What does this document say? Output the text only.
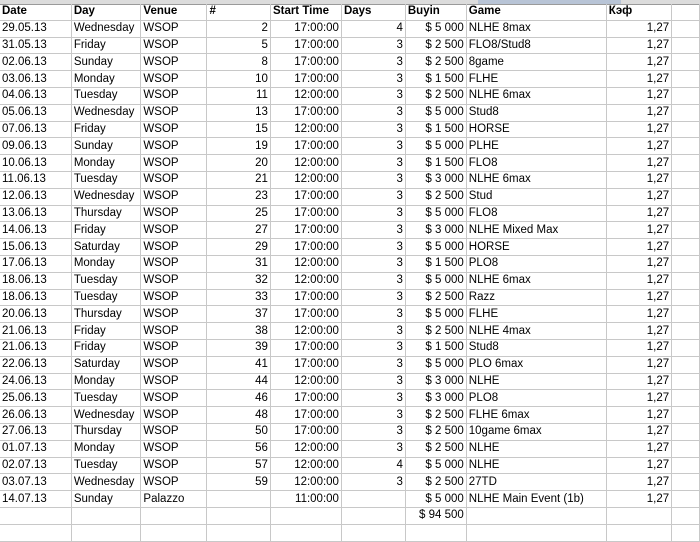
Date	Day	Venue	#	Start Time	Days	Buyin	Game	Кэф	
29.05.13	Wednesday	WSOP	2	17:00:00	4	$ 5 000	NLHE 8max	1,27	
31.05.13	Friday	WSOP	5	17:00:00	3	$ 2 500	FLO8/Stud8	1,27	
02.06.13	Sunday	WSOP	8	17:00:00	3	$ 2 500	8game	1,27	
03.06.13	Monday	WSOP	10	17:00:00	3	$ 1 500	FLHE	1,27	
04.06.13	Tuesday	WSOP	11	12:00:00	3	$ 2 500	NLHE 6max	1,27	
05.06.13	Wednesday	WSOP	13	17:00:00	3	$ 5 000	Stud8	1,27	
07.06.13	Friday	WSOP	15	12:00:00	3	$ 1 500	HORSE	1,27	
09.06.13	Sunday	WSOP	19	17:00:00	3	$ 5 000	PLHE	1,27	
10.06.13	Monday	WSOP	20	12:00:00	3	$ 1 500	FLO8	1,27	
11.06.13	Tuesday	WSOP	21	12:00:00	3	$ 3 000	NLHE 6max	1,27	
12.06.13	Wednesday	WSOP	23	17:00:00	3	$ 2 500	Stud	1,27	
13.06.13	Thursday	WSOP	25	17:00:00	3	$ 5 000	FLO8	1,27	
14.06.13	Friday	WSOP	27	17:00:00	3	$ 3 000	NLHE Mixed Max	1,27	
15.06.13	Saturday	WSOP	29	17:00:00	3	$ 5 000	HORSE	1,27	
17.06.13	Monday	WSOP	31	12:00:00	3	$ 1 500	PLO8	1,27	
18.06.13	Tuesday	WSOP	32	12:00:00	3	$ 5 000	NLHE 6max	1,27	
18.06.13	Tuesday	WSOP	33	17:00:00	3	$ 2 500	Razz	1,27	
20.06.13	Thursday	WSOP	37	17:00:00	3	$ 5 000	FLHE	1,27	
21.06.13	Friday	WSOP	38	12:00:00	3	$ 2 500	NLHE 4max	1,27	
21.06.13	Friday	WSOP	39	17:00:00	3	$ 1 500	Stud8	1,27	
22.06.13	Saturday	WSOP	41	17:00:00	3	$ 5 000	PLO 6max	1,27	
24.06.13	Monday	WSOP	44	12:00:00	3	$ 3 000	NLHE	1,27	
25.06.13	Tuesday	WSOP	46	17:00:00	3	$ 3 000	PLO8	1,27	
26.06.13	Wednesday	WSOP	48	17:00:00	3	$ 2 500	FLHE 6max	1,27	
27.06.13	Thursday	WSOP	50	17:00:00	3	$ 2 500	10game 6max	1,27	
01.07.13	Monday	WSOP	56	12:00:00	3	$ 2 500	NLHE	1,27	
02.07.13	Tuesday	WSOP	57	12:00:00	4	$ 5 000	NLHE	1,27	
03.07.13	Wednesday	WSOP	59	12:00:00	3	$ 2 500	27TD	1,27	
14.07.13	Sunday	Palazzo		11:00:00		$ 5 000	NLHE Main Event (1b)	1,27	
						$ 94 500			
